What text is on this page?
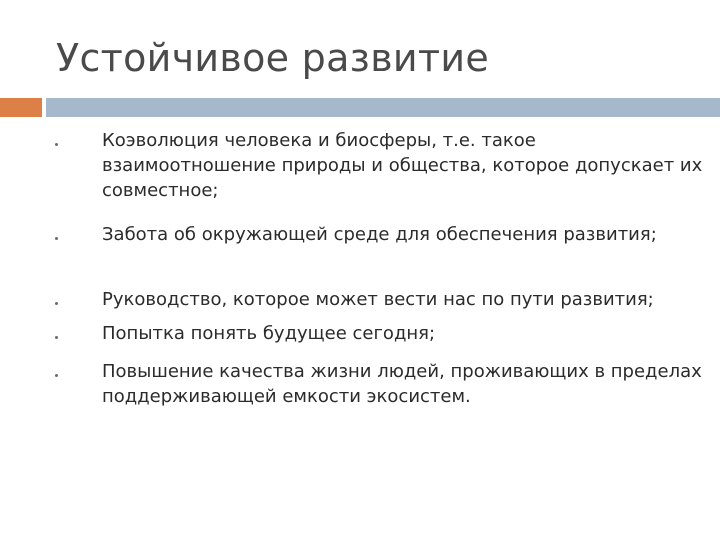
Устойчивое развитие
Коэволюция человека и биосферы, т.е. такое взаимоотношение природы и общества, которое допускает их совместное;
Забота об окружающей среде для обеспечения развития;
Руководство, которое может вести нас по пути развития;
Попытка понять будущее сегодня;
Повышение качества жизни людей, проживающих в пределах поддерживающей емкости экосистем.
